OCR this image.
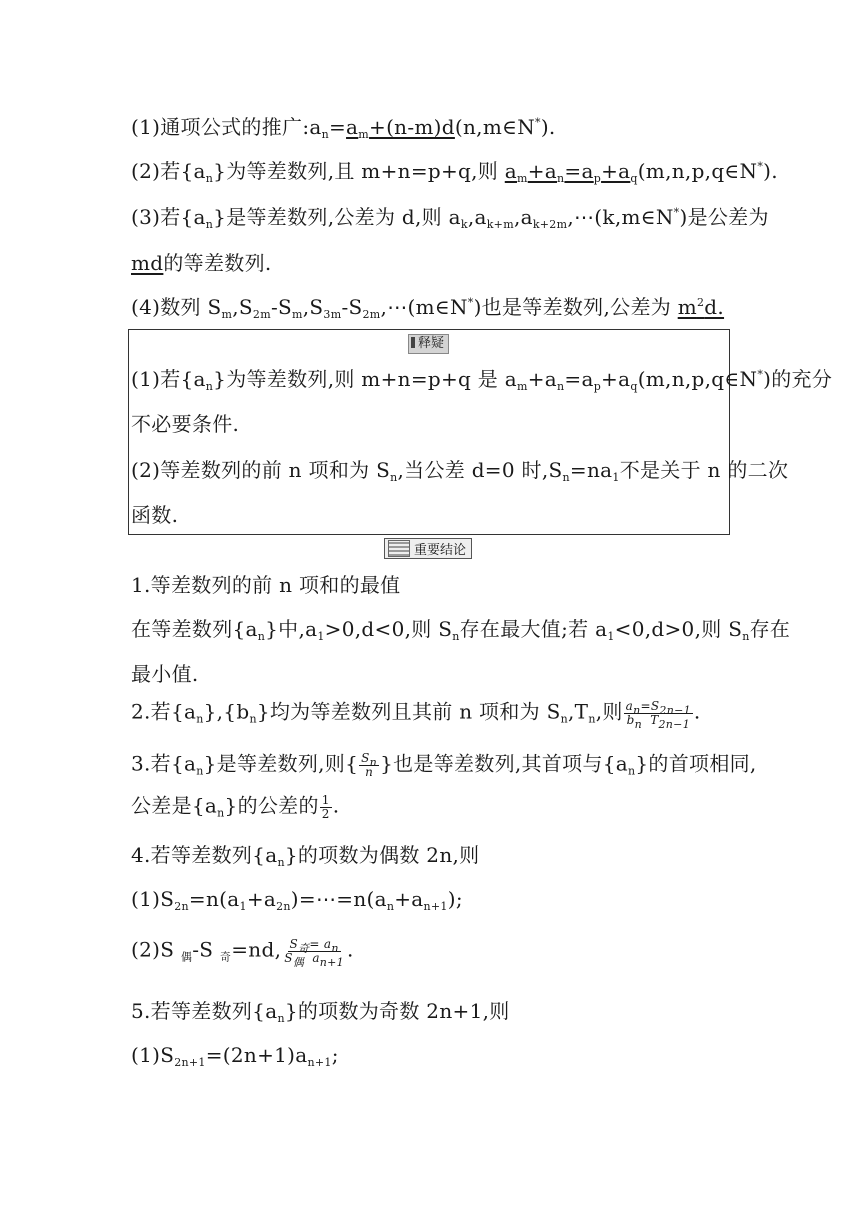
(1)通项公式的推广$:a_n=a_m+(n-m)d(n,m\in N^*)$.
(2)若$\{a_n\}$为等差数列,且 m+n=p+q,则 $a_m+a_n=a_p+a_q(m,n,p,q\in N^*)$.
(3)若$\{a_n\}$是等差数列,公差为 d,则 $a_k,a_{k+m},a_{k+2m},\cdots(k,m\in N^*)$是公差为
md的等差数列.
(4)数列 $S_m,S_{2m}-S_m,S_{3m}-S_{2m},\cdots(m\in N^*)$也是等差数列,公差为 $m^2d$.
释疑
(1)若$\{a_n\}$为等差数列,则 m+n=p+q 是 $a_m+a_n=a_p+a_q(m,n,p,q\in N^*)$的充分
不必要条件.
(2)等差数列的前 n 项和为 $S_n$,当公差 d=0 时$,S_n=na_1$不是关于 n 的二次
函数.
重要结论
1.等差数列的前 n 项和的最值
在等差数列$\{a_n\}$中$,a_1>0,d<0$,则 $S_n$存在最大值;若 $a_1<0,d>0$,则 $S_n$存在
最小值.
2.若$\{a_n\},\{b_n\}$均为等差数列且其前 n 项和为 $S_n,T_n$,则 $\frac{a_n=S_{2n-1}}{b_n T_{2n-1}}$ .
3.若$\{a_n\}$是等差数列,则{ $\frac{S_n}{n}$ }也是等差数列,其首项与$\{a_n\}$的首项相同,
公差是$\{a_n\}$的公差的 $\frac{1}{2}$ .
4.若等差数列$\{a_n\}$的项数为偶数 2n,则
$(1)S_{2n}=n(a_1+a_{2n})=\cdots=n(a_n+a_{n+1})$;
(2)S $_偶$-S $_奇$=nd, $\frac{S_奇= a_n}{S_偶 a_{n+1}}$ .
5.若等差数列$\{a_n\}$的项数为奇数 2n+1,则
$(1)S_{2n+1}=(2n+1)a_{n+1}$;
